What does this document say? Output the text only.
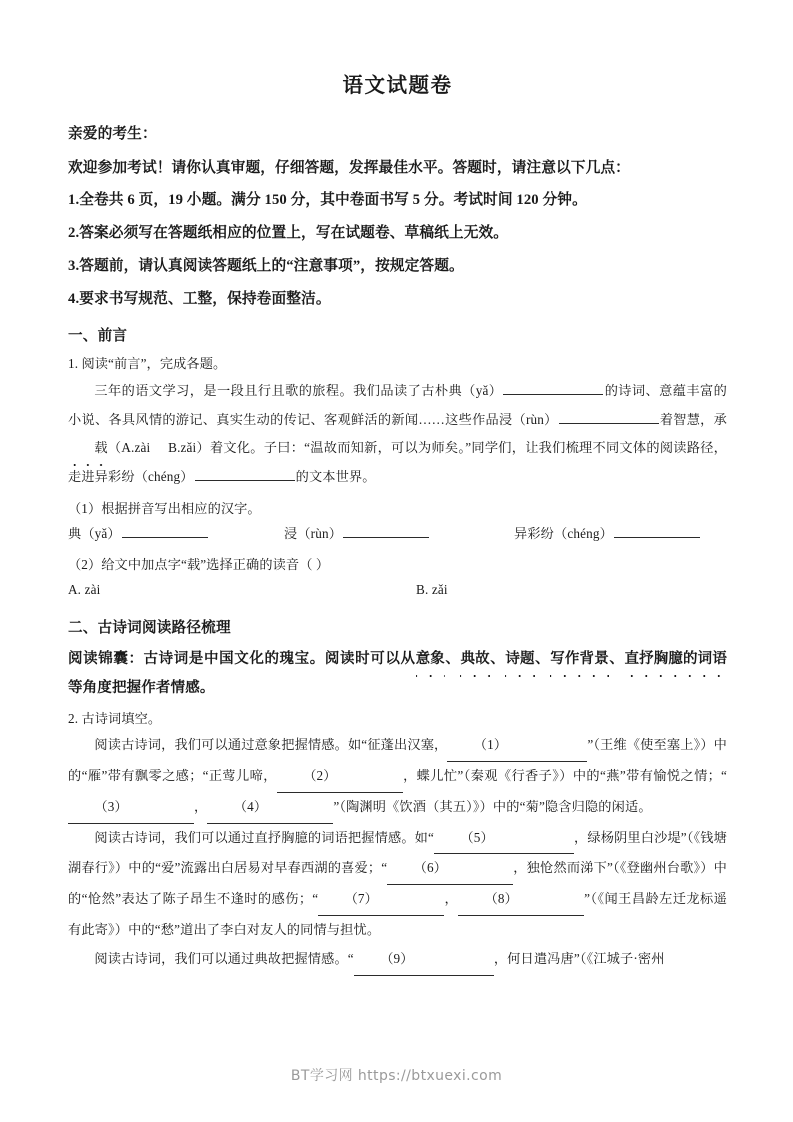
语文试题卷

亲爱的考生：

欢迎参加考试！请你认真审题，仔细答题，发挥最佳水平。答题时，请注意以下几点：

1.全卷共 6 页，19 小题。满分 150 分，其中卷面书写 5 分。考试时间 120 分钟。

2.答案必须写在答题纸相应的位置上，写在试题卷、草稿纸上无效。

3.答题前，请认真阅读答题纸上的“注意事项”，按规定答题。

4.要求书写规范、工整，保持卷面整洁。

一、前言
1. 阅读“前言”，完成各题。

三年的语文学习，是一段且行且歌的旅程。我们品读了古朴典（yǎ）	的诗词、意蕴丰富的小说、各具风情的游记、真实生动的传记、客观鲜活的新闻……这些作品浸（rùn）	着智慧，承载（A.zài B.zǎi）着文化。子曰：“温故而知新，可以为师矣。”同学们，让我们梳理不同文体的阅读路径，走进异彩纷（chéng）	的文本世界。

（1）根据拼音写出相应的汉字。
典（yǎ）	浸（rùn）	异彩纷（chéng）
（2）给文中加点字“载”选择正确的读音（ ）
A. zài	B. zǎi
二、古诗词阅读路径梳理

阅读锦囊：古诗词是中国文化的瑰宝。阅读时可以从意象、典故、诗题、写作背景、直抒胸臆的词语等角度把握作者情感。

2. 古诗词填空。

阅读古诗词，我们可以通过意象把握情感。如“征蓬出汉塞， （1）	”（王维《使至塞上》）中的“雁”带有飘零之感；“正莺儿啼， （2）	，蝶儿忙”（秦观《行香子》）中的“燕”带有愉悦之情；“（3）	， （4）	”（陶渊明《饮酒（其五）》）中的“菊”隐含归隐的闲适。

阅读古诗词，我们可以通过直抒胸臆的词语把握情感。如“ （5）	，绿杨阴里白沙堤”（《钱塘湖春行》）中的“爱”流露出白居易对早春西湖的喜爱；“ （6）	，独怆然而涕下”（《登幽州台歌》）中的“怆然”表达了陈子昂生不逢时的感伤；“ （7）	， （8）	”（《闻王昌龄左迁龙标遥有此寄》）中的“愁”道出了李白对友人的同情与担忧。

阅读古诗词，我们可以通过典故把握情感。“ （9）	，何日遣冯唐”（《江城子·密州

BT学习网 https://btxuexi.com
